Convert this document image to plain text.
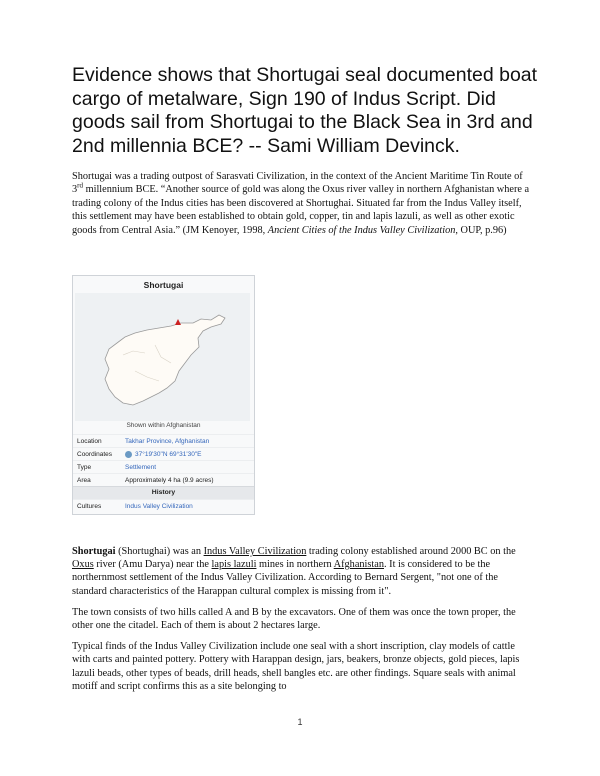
Evidence shows that Shortugai seal documented boat cargo of metalware, Sign 190 of Indus Script. Did goods sail from Shortugai to the Black Sea in 3rd and 2nd millennia BCE? -- Sami William Devinck.

Shortugai was a trading outpost of Sarasvati Civilization, in the context of the Ancient Maritime Tin Route of 3rd millennium BCE. “Another source of gold was along the Oxus river valley in northern Afghanistan where a trading colony of the Indus cities has been discovered at Shortughai. Situated far from the Indus Valley itself, this settlement may have been established to obtain gold, copper, tin and lapis lazuli, as well as other exotic goods from Central Asia.” (JM Kenoyer, 1998, Ancient Cities of the Indus Valley Civilization, OUP, p.96)

Shortugai
Shown within Afghanistan
Location	Takhar Province, Afghanistan
Coordinates	37°19'30"N 69°31'30"E
Type	Settlement
Area	Approximately 4 ha (9.9 acres)
History
Cultures	Indus Valley Civilization

Shortugai (Shortughai) was an Indus Valley Civilization trading colony established around 2000 BC on the Oxus river (Amu Darya) near the lapis lazuli mines in northern Afghanistan. It is considered to be the northernmost settlement of the Indus Valley Civilization. According to Bernard Sergent, "not one of the standard characteristics of the Harappan cultural complex is missing from it".

The town consists of two hills called A and B by the excavators. One of them was once the town proper, the other one the citadel. Each of them is about 2 hectares large.

Typical finds of the Indus Valley Civilization include one seal with a short inscription, clay models of cattle with carts and painted pottery. Pottery with Harappan design, jars, beakers, bronze objects, gold pieces, lapis lazuli beads, other types of beads, drill heads, shell bangles etc. are other findings. Square seals with animal motiff and script confirms this as a site belonging to

1
